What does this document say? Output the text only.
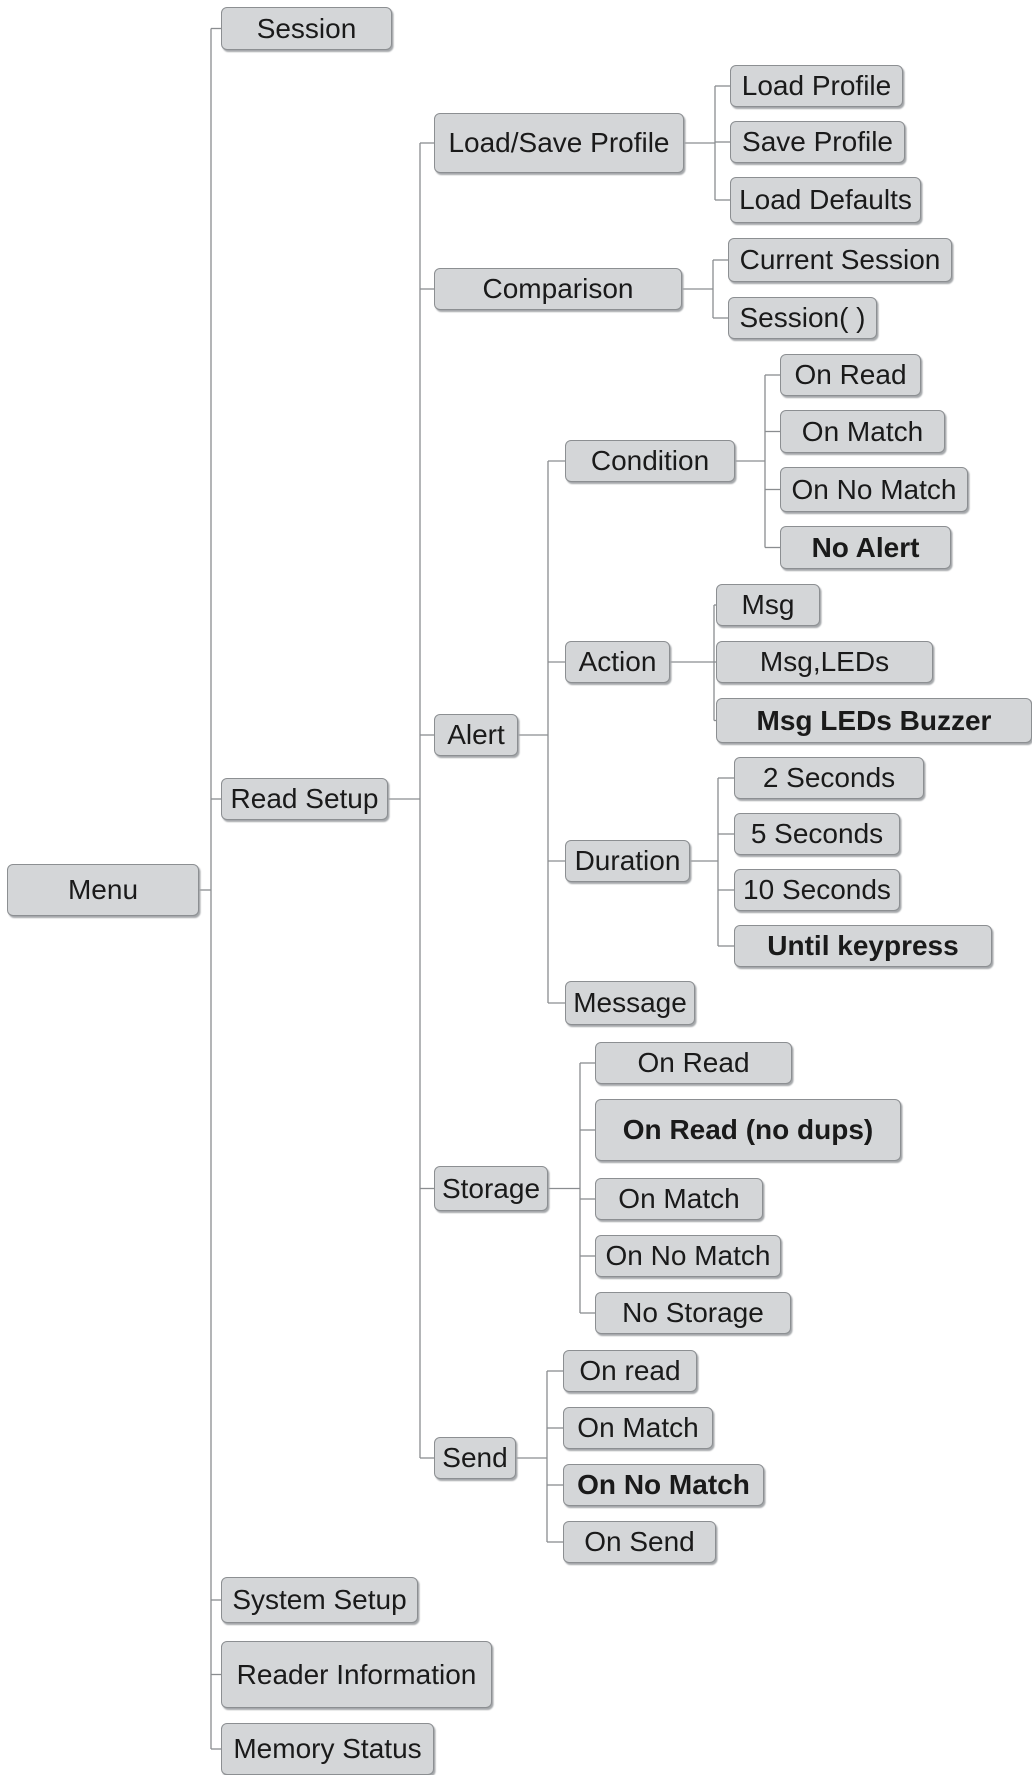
Menu
Session
Read Setup
System Setup
Reader Information
Memory Status
Load/Save Profile
Comparison
Alert
Storage
Send
Load Profile
Save Profile
Load Defaults
Current Session
Session( )
Condition
Action
Duration
Message
On Read
On Match
On No Match
No Alert
Msg
Msg,LEDs
Msg LEDs Buzzer
2 Seconds
5 Seconds
10 Seconds
Until keypress
On Read
On Read (no dups)
On Match
On No Match
No Storage
On read
On Match
On No Match
On Send
